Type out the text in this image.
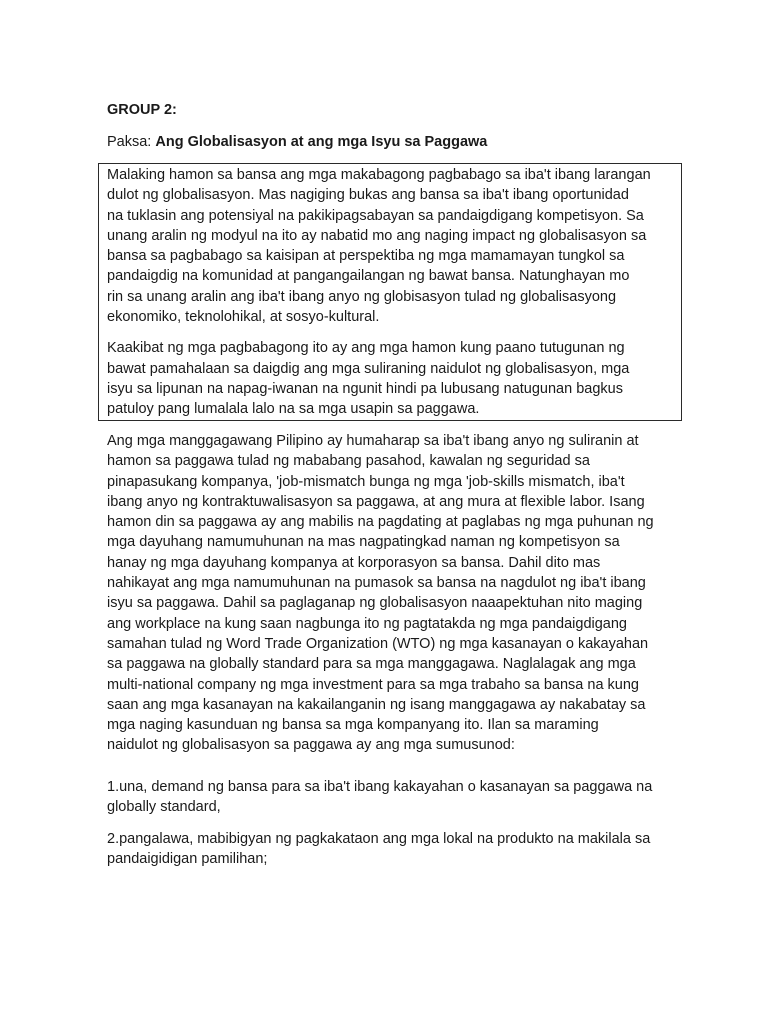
GROUP 2:

Paksa: Ang Globalisasyon at ang mga Isyu sa Paggawa

Malaking hamon sa bansa ang mga makabagong pagbabago sa iba't ibang larangan
dulot ng globalisasyon. Mas nagiging bukas ang bansa sa iba't ibang oportunidad
na tuklasin ang potensiyal na pakikipagsabayan sa pandaigdigang kompetisyon. Sa
unang aralin ng modyul na ito ay nabatid mo ang naging impact ng globalisasyon sa
bansa sa pagbabago sa kaisipan at perspektiba ng mga mamamayan tungkol sa
pandaigdig na komunidad at pangangailangan ng bawat bansa. Natunghayan mo
rin sa unang aralin ang iba't ibang anyo ng globisasyon tulad ng globalisasyong
ekonomiko, teknolohikal, at sosyo-kultural.

Kaakibat ng mga pagbabagong ito ay ang mga hamon kung paano tutugunan ng
bawat pamahalaan sa daigdig ang mga suliraning naidulot ng globalisasyon, mga
isyu sa lipunan na napag-iwanan na ngunit hindi pa lubusang natugunan bagkus
patuloy pang lumalala lalo na sa mga usapin sa paggawa.

Ang mga manggagawang Pilipino ay humaharap sa iba't ibang anyo ng suliranin at
hamon sa paggawa tulad ng mababang pasahod, kawalan ng seguridad sa
pinapasukang kompanya, 'job-mismatch bunga ng mga 'job-skills mismatch, iba't
ibang anyo ng kontraktuwalisasyon sa paggawa, at ang mura at flexible labor. Isang
hamon din sa paggawa ay ang mabilis na pagdating at paglabas ng mga puhunan ng
mga dayuhang namumuhunan na mas nagpatingkad naman ng kompetisyon sa
hanay ng mga dayuhang kompanya at korporasyon sa bansa. Dahil dito mas
nahikayat ang mga namumuhunan na pumasok sa bansa na nagdulot ng iba't ibang
isyu sa paggawa. Dahil sa paglaganap ng globalisasyon naaapektuhan nito maging
ang workplace na kung saan nagbunga ito ng pagtatakda ng mga pandaigdigang
samahan tulad ng Word Trade Organization (WTO) ng mga kasanayan o kakayahan
sa paggawa na globally standard para sa mga manggagawa. Naglalagak ang mga
multi-national company ng mga investment para sa mga trabaho sa bansa na kung
saan ang mga kasanayan na kakailanganin ng isang manggagawa ay nakabatay sa
mga naging kasunduan ng bansa sa mga kompanyang ito. Ilan sa maraming
naidulot ng globalisasyon sa paggawa ay ang mga sumusunod:

1.una, demand ng bansa para sa iba't ibang kakayahan o kasanayan sa paggawa na
globally standard,

2.pangalawa, mabibigyan ng pagkakataon ang mga lokal na produkto na makilala sa
pandaigidigan pamilihan;
